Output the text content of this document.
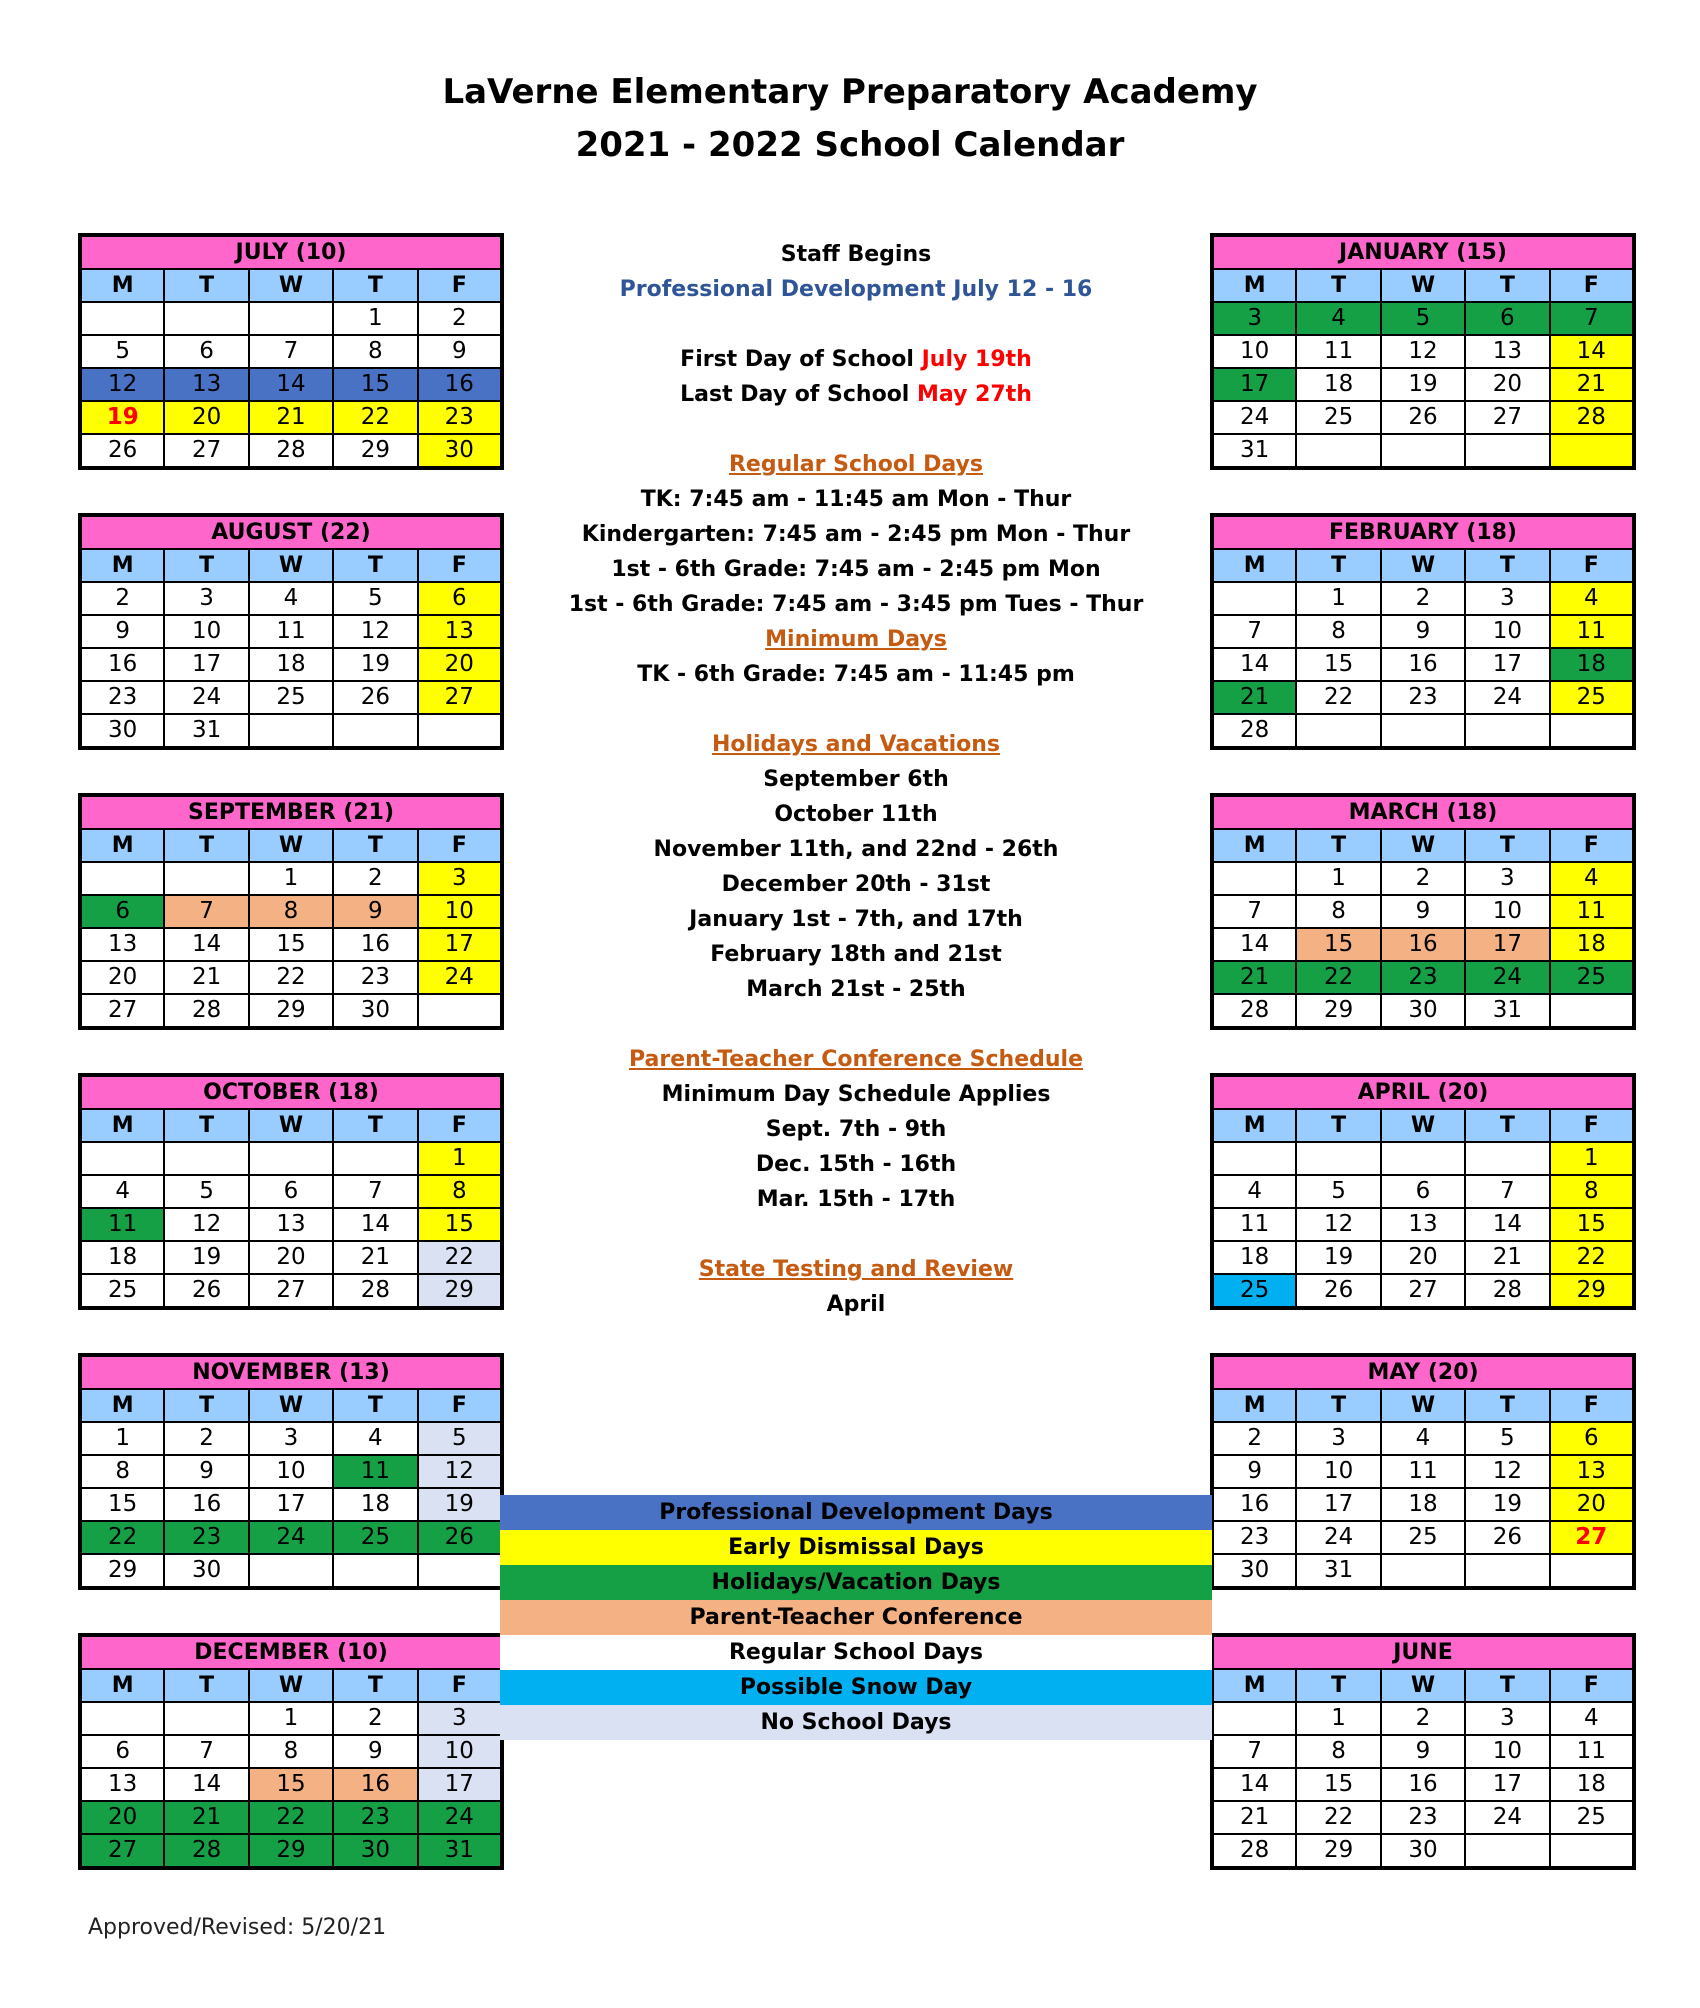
LaVerne Elementary Preparatory Academy
2021 - 2022 School Calendar
JULY (10)				
M	T	W	T	F
			1	2
5	6	7	8	9
12	13	14	15	16
19	20	21	22	23
26	27	28	29	30
AUGUST (22)				
M	T	W	T	F
2	3	4	5	6
9	10	11	12	13
16	17	18	19	20
23	24	25	26	27
30	31			
SEPTEMBER (21)				
M	T	W	T	F
		1	2	3
6	7	8	9	10
13	14	15	16	17
20	21	22	23	24
27	28	29	30	
OCTOBER (18)				
M	T	W	T	F
				1
4	5	6	7	8
11	12	13	14	15
18	19	20	21	22
25	26	27	28	29
NOVEMBER (13)				
M	T	W	T	F
1	2	3	4	5
8	9	10	11	12
15	16	17	18	19
22	23	24	25	26
29	30			
DECEMBER (10)				
M	T	W	T	F
		1	2	3
6	7	8	9	10
13	14	15	16	17
20	21	22	23	24
27	28	29	30	31
JANUARY (15)				
M	T	W	T	F
3	4	5	6	7
10	11	12	13	14
17	18	19	20	21
24	25	26	27	28
31				
FEBRUARY (18)				
M	T	W	T	F
	1	2	3	4
7	8	9	10	11
14	15	16	17	18
21	22	23	24	25
28				
MARCH (18)				
M	T	W	T	F
	1	2	3	4
7	8	9	10	11
14	15	16	17	18
21	22	23	24	25
28	29	30	31	
APRIL (20)				
M	T	W	T	F
				1
4	5	6	7	8
11	12	13	14	15
18	19	20	21	22
25	26	27	28	29
MAY (20)				
M	T	W	T	F
2	3	4	5	6
9	10	11	12	13
16	17	18	19	20
23	24	25	26	27
30	31			
JUNE				
M	T	W	T	F
	1	2	3	4
7	8	9	10	11
14	15	16	17	18
21	22	23	24	25
28	29	30		
Staff Begins
Professional Development July 12 - 16
First Day of School July 19th
Last Day of School May 27th
Regular School Days
TK: 7:45 am - 11:45 am Mon - Thur
Kindergarten: 7:45 am - 2:45 pm Mon - Thur
1st - 6th Grade: 7:45 am - 2:45 pm Mon
1st - 6th Grade: 7:45 am - 3:45 pm Tues - Thur
Minimum Days
TK - 6th Grade: 7:45 am - 11:45 pm
Holidays and Vacations
September 6th
October 11th
November 11th, and 22nd - 26th
December 20th - 31st
January 1st - 7th, and 17th
February 18th and 21st
March 21st - 25th
Parent-Teacher Conference Schedule
Minimum Day Schedule Applies
Sept. 7th - 9th
Dec. 15th - 16th
Mar. 15th - 17th
State Testing and Review
April
Professional Development Days
Early Dismissal Days
Holidays/Vacation Days
Parent-Teacher Conference
Regular School Days
Possible Snow Day
No School Days
Approved/Revised: 5/20/21
